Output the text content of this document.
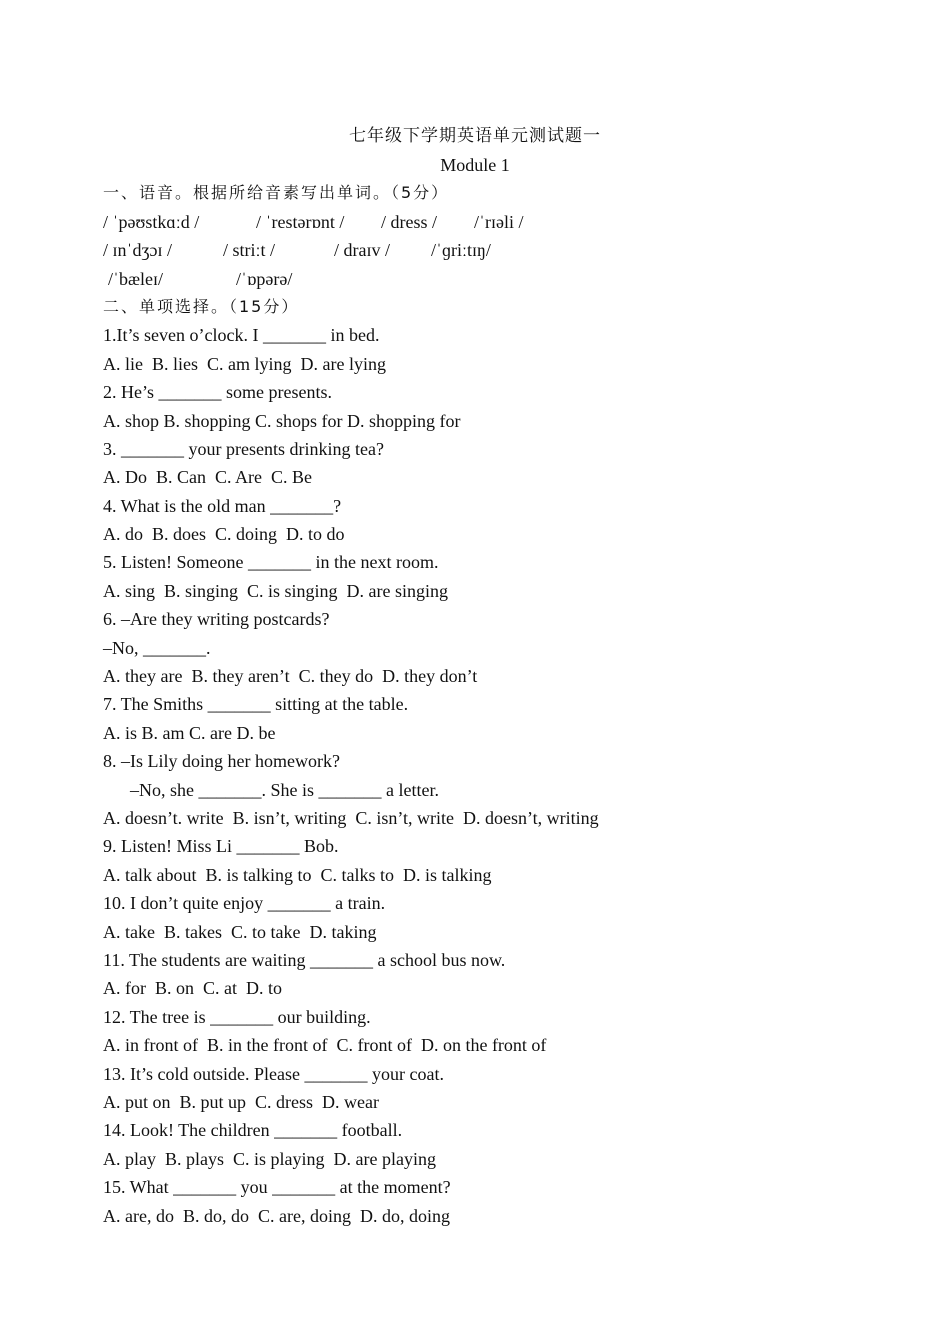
七年级下学期英语单元测试题一
Module 1
一、语音。根据所给音素写出单词。（5分）
/ ˈpəʊstkɑːd /	/ ˈrestərɒnt / / dress / /ˈrɪəli /
/ ɪnˈdʒɔɪ /	/ striːt /	/ draɪv / /ˈɡriːtɪŋ/
/ˈbæleɪ/	/ˈɒpərə/
二、单项选择。（15分）
1.It’s seven o’clock. I _______ in bed.
A. lie  B. lies  C. am lying  D. are lying
2. He’s _______ some presents.
A. shop B. shopping C. shops for D. shopping for
3. _______ your presents drinking tea?
A. Do  B. Can  C. Are  C. Be
4. What is the old man _______?
A. do  B. does  C. doing  D. to do
5. Listen! Someone _______ in the next room.
A. sing  B. singing  C. is singing  D. are singing
6. –Are they writing postcards?
–No, _______.
A. they are  B. they aren’t  C. they do  D. they don’t
7. The Smiths _______ sitting at the table.
A. is B. am C. are D. be
8. –Is Lily doing her homework?
–No, she _______. She is _______ a letter.
A. doesn’t. write  B. isn’t, writing  C. isn’t, write  D. doesn’t, writing
9. Listen! Miss Li _______ Bob.
A. talk about  B. is talking to  C. talks to  D. is talking
10. I don’t quite enjoy _______ a train.
A. take  B. takes  C. to take  D. taking
11. The students are waiting _______ a school bus now.
A. for  B. on  C. at  D. to
12. The tree is _______ our building.
A. in front of  B. in the front of  C. front of  D. on the front of
13. It’s cold outside. Please _______ your coat.
A. put on  B. put up  C. dress  D. wear
14. Look! The children _______ football.
A. play  B. plays  C. is playing  D. are playing
15. What _______ you _______ at the moment?
A. are, do  B. do, do  C. are, doing  D. do, doing
